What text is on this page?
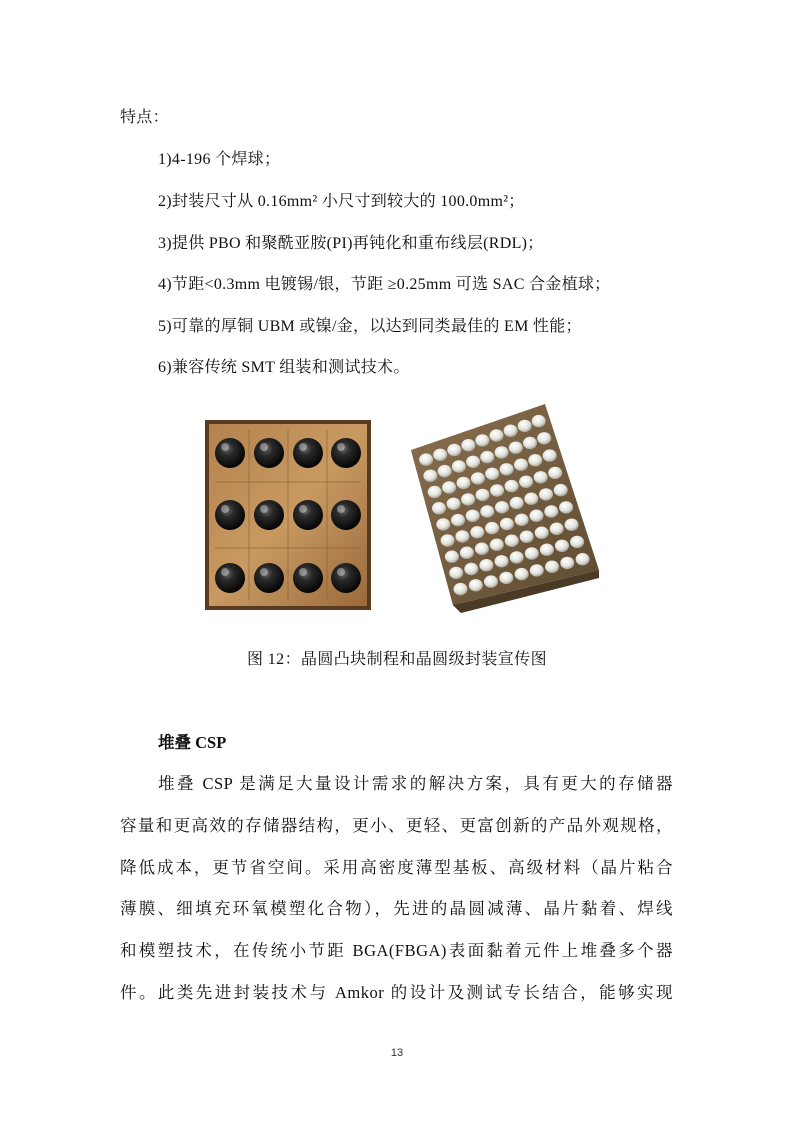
特点：
1)4-196 个焊球；
2)封装尺寸从 0.16mm² 小尺寸到较大的 100.0mm²；
3)提供 PBO 和聚酰亚胺(PI)再钝化和重布线层(RDL)；
4)节距<0.3mm 电镀锡/银，节距 ≥0.25mm 可选 SAC 合金植球；
5)可靠的厚铜 UBM 或镍/金，以达到同类最佳的 EM 性能；
6)兼容传统 SMT 组装和测试技术。
图 12：晶圆凸块制程和晶圆级封装宣传图
堆叠 CSP
堆叠 CSP 是满足大量设计需求的解决方案，具有更大的存储器
容量和更高效的存储器结构，更小、更轻、更富创新的产品外观规格，
降低成本，更节省空间。采用高密度薄型基板、高级材料（晶片粘合
薄膜、细填充环氧模塑化合物），先进的晶圆减薄、晶片黏着、焊线
和模塑技术，在传统小节距 BGA(FBGA)表面黏着元件上堆叠多个器
件。此类先进封装技术与 Amkor 的设计及测试专长结合，能够实现
13
